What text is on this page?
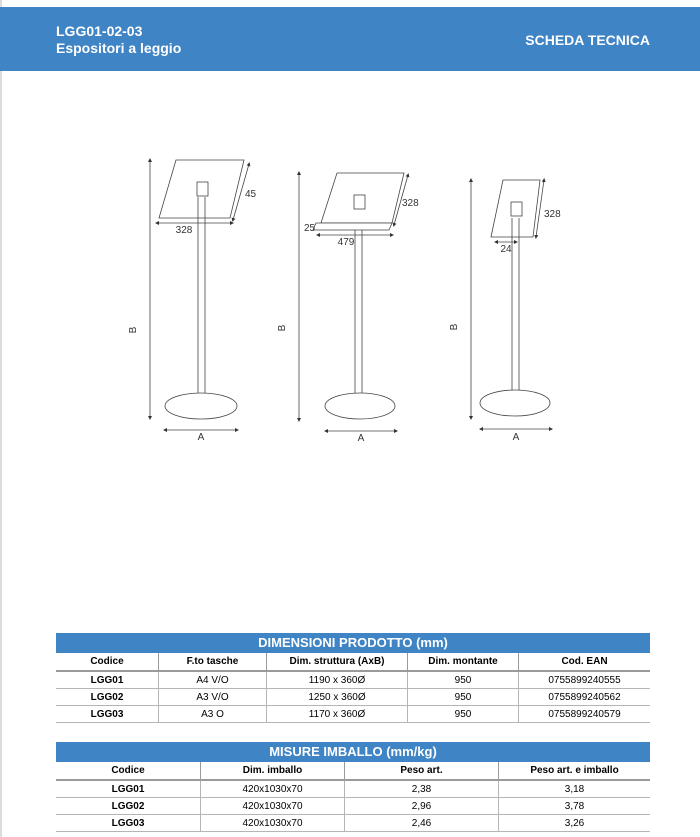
LGG01-02-03
Espositori a leggio	SCHEDA TECNICA
B
328
45
A
B
479
328
25
A
B
24
328
A
DIMENSIONI PRODOTTO (mm)
Codice	F.to tasche	Dim. struttura (AxB)	Dim. montante	Cod. EAN
LGG01	A4 V/O	1190 x 360Ø	950	0755899240555
LGG02	A3 V/O	1250 x 360Ø	950	0755899240562
LGG03	A3 O	1170 x 360Ø	950	0755899240579
MISURE IMBALLO (mm/kg)
Codice	Dim. imballo	Peso art.	Peso art. e imballo
LGG01	420x1030x70	2,38	3,18
LGG02	420x1030x70	2,96	3,78
LGG03	420x1030x70	2,46	3,26
